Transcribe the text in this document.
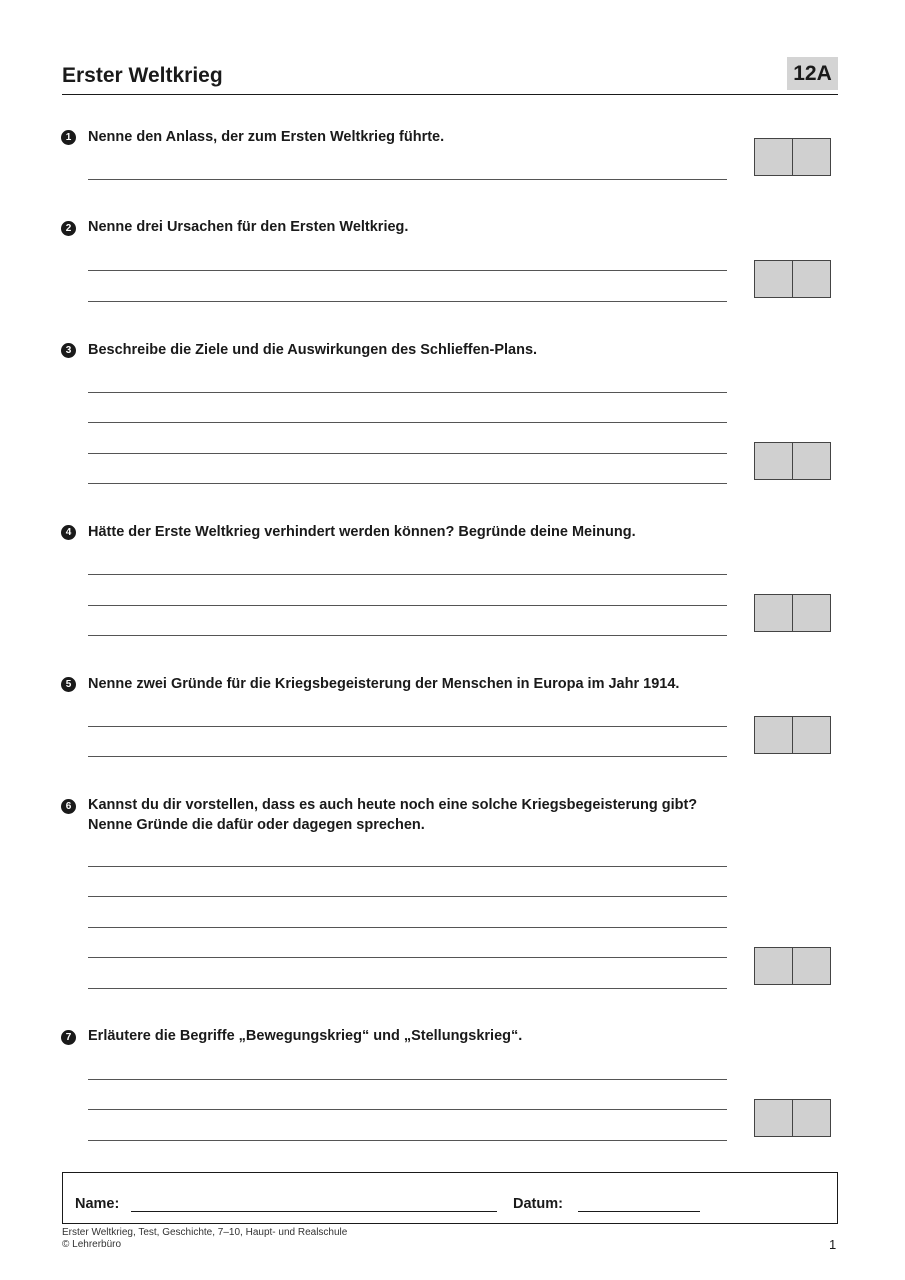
Erster Weltkrieg	12A
1	Nenne den Anlass, der zum Ersten Weltkrieg führte.
2	Nenne drei Ursachen für den Ersten Weltkrieg.
3	Beschreibe die Ziele und die Auswirkungen des Schlieffen-Plans.
4	Hätte der Erste Weltkrieg verhindert werden können? Begründe deine Meinung.
5	Nenne zwei Gründe für die Kriegsbegeisterung der Menschen in Europa im Jahr 1914.
6	Kannst du dir vorstellen, dass es auch heute noch eine solche Kriegsbegeisterung gibt?
Nenne Gründe die dafür oder dagegen sprechen.
7	Erläutere die Begriffe „Bewegungskrieg“ und „Stellungskrieg“.
Name:	Datum:
Erster Weltkrieg, Test, Geschichte, 7–10, Haupt- und Realschule
© Lehrerbüro	1
